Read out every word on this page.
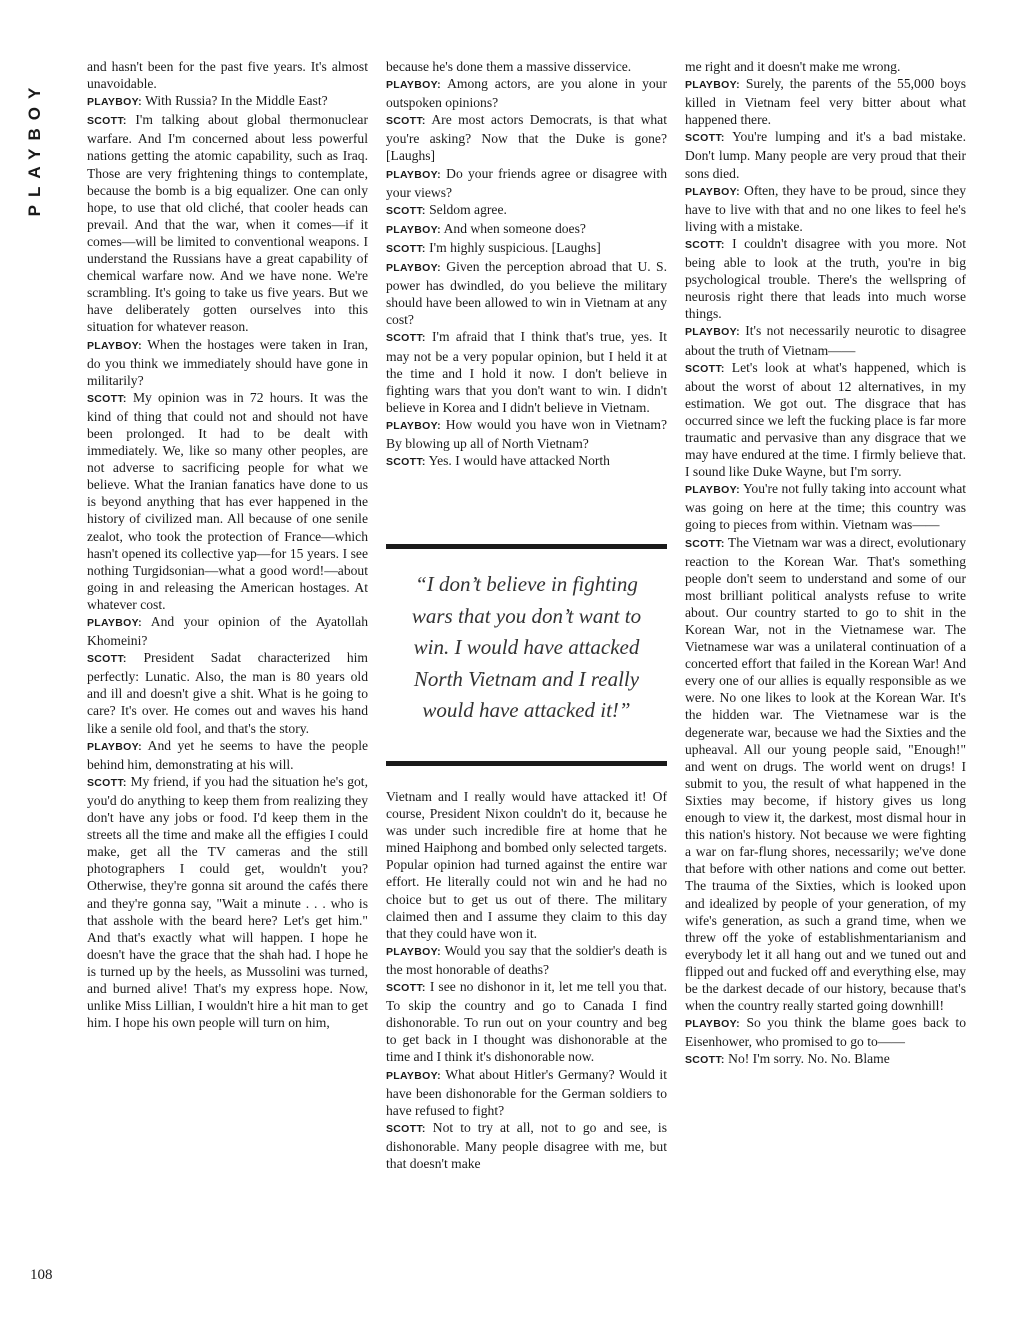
PLAYBOY
108

and hasn't been for the past five years. It's almost unavoidable.

PLAYBOY: With Russia? In the Middle East?

SCOTT: I'm talking about global thermonuclear warfare. And I'm concerned about less powerful nations getting the atomic capability, such as Iraq. Those are very frightening things to contemplate, because the bomb is a big equalizer. One can only hope, to use that old cliché, that cooler heads can prevail. And that the war, when it comes—if it comes—will be limited to conventional weapons. I understand the Russians have a great capability of chemical warfare now. And we have none. We're scrambling. It's going to take us five years. But we have deliberately gotten ourselves into this situation for whatever reason.

PLAYBOY: When the hostages were taken in Iran, do you think we immediately should have gone in militarily?

SCOTT: My opinion was in 72 hours. It was the kind of thing that could not and should not have been prolonged. It had to be dealt with immediately. We, like so many other peoples, are not adverse to sacrificing people for what we believe. What the Iranian fanatics have done to us is beyond anything that has ever happened in the history of civilized man. All because of one senile zealot, who took the protection of France—which hasn't opened its collective yap—for 15 years. I see nothing Turgidsonian—what a good word!—about going in and releasing the American hostages. At whatever cost.

PLAYBOY: And your opinion of the Ayatollah Khomeini?

SCOTT: President Sadat characterized him perfectly: Lunatic. Also, the man is 80 years old and ill and doesn't give a shit. What is he going to care? It's over. He comes out and waves his hand like a senile old fool, and that's the story.

PLAYBOY: And yet he seems to have the people behind him, demonstrating at his will.

SCOTT: My friend, if you had the situation he's got, you'd do anything to keep them from realizing they don't have any jobs or food. I'd keep them in the streets all the time and make all the effigies I could make, get all the TV cameras and the still photographers I could get, wouldn't you? Otherwise, they're gonna sit around the cafés there and they're gonna say, "Wait a minute . . . who is that asshole with the beard here? Let's get him." And that's exactly what will happen. I hope he doesn't have the grace that the shah had. I hope he is turned up by the heels, as Mussolini was turned, and burned alive! That's my express hope. Now, unlike Miss Lillian, I wouldn't hire a hit man to get him. I hope his own people will turn on him,

because he's done them a massive disservice.

PLAYBOY: Among actors, are you alone in your outspoken opinions?

SCOTT: Are most actors Democrats, is that what you're asking? Now that the Duke is gone? [Laughs]

PLAYBOY: Do your friends agree or disagree with your views?

SCOTT: Seldom agree.

PLAYBOY: And when someone does?

SCOTT: I'm highly suspicious. [Laughs]

PLAYBOY: Given the perception abroad that U. S. power has dwindled, do you believe the military should have been allowed to win in Vietnam at any cost?

SCOTT: I'm afraid that I think that's true, yes. It may not be a very popular opinion, but I held it at the time and I hold it now. I don't believe in fighting wars that you don't want to win. I didn't believe in Korea and I didn't believe in Vietnam.

PLAYBOY: How would you have won in Vietnam? By blowing up all of North Vietnam?

SCOTT: Yes. I would have attacked North

“I don’t believe in fighting wars that you don’t want to win. I would have attacked North Vietnam and I really would have attacked it!”

Vietnam and I really would have attacked it! Of course, President Nixon couldn't do it, because he was under such incredible fire at home that he mined Haiphong and bombed only selected targets. Popular opinion had turned against the entire war effort. He literally could not win and he had no choice but to get us out of there. The military claimed then and I assume they claim to this day that they could have won it.

PLAYBOY: Would you say that the soldier's death is the most honorable of deaths?

SCOTT: I see no dishonor in it, let me tell you that. To skip the country and go to Canada I find dishonorable. To run out on your country and beg to get back in I thought was dishonorable at the time and I think it's dishonorable now.

PLAYBOY: What about Hitler's Germany? Would it have been dishonorable for the German soldiers to have refused to fight?

SCOTT: Not to try at all, not to go and see, is dishonorable. Many people disagree with me, but that doesn't make

me right and it doesn't make me wrong.

PLAYBOY: Surely, the parents of the 55,000 boys killed in Vietnam feel very bitter about what happened there.

SCOTT: You're lumping and it's a bad mistake. Don't lump. Many people are very proud that their sons died.

PLAYBOY: Often, they have to be proud, since they have to live with that and no one likes to feel he's living with a mistake.

SCOTT: I couldn't disagree with you more. Not being able to look at the truth, you're in big psychological trouble. There's the wellspring of neurosis right there that leads into much worse things.

PLAYBOY: It's not necessarily neurotic to disagree about the truth of Vietnam——

SCOTT: Let's look at what's happened, which is about the worst of about 12 alternatives, in my estimation. We got out. The disgrace that has occurred since we left the fucking place is far more traumatic and pervasive than any disgrace that we may have endured at the time. I firmly believe that. I sound like Duke Wayne, but I'm sorry.

PLAYBOY: You're not fully taking into account what was going on here at the time; this country was going to pieces from within. Vietnam was——

SCOTT: The Vietnam war was a direct, evolutionary reaction to the Korean War. That's something people don't seem to understand and some of our most brilliant political analysts refuse to write about. Our country started to go to shit in the Korean War, not in the Vietnamese war. The Vietnamese war was a unilateral continuation of a concerted effort that failed in the Korean War! And every one of our allies is equally responsible as we were. No one likes to look at the Korean War. It's the hidden war. The Vietnamese war is the degenerate war, because we had the Sixties and the upheaval. All our young people said, "Enough!" and went on drugs. The world went on drugs! I submit to you, the result of what happened in the Sixties may become, if history gives us long enough to view it, the darkest, most dismal hour in this nation's history. Not because we were fighting a war on far-flung shores, necessarily; we've done that before with other nations and come out better. The trauma of the Sixties, which is looked upon and idealized by people of your generation, of my wife's generation, as such a grand time, when we threw off the yoke of establishmentarianism and everybody let it all hang out and we tuned out and flipped out and fucked off and everything else, may be the darkest decade of our history, because that's when the country really started going downhill!

PLAYBOY: So you think the blame goes back to Eisenhower, who promised to go to——

SCOTT: No! I'm sorry. No. No. Blame
